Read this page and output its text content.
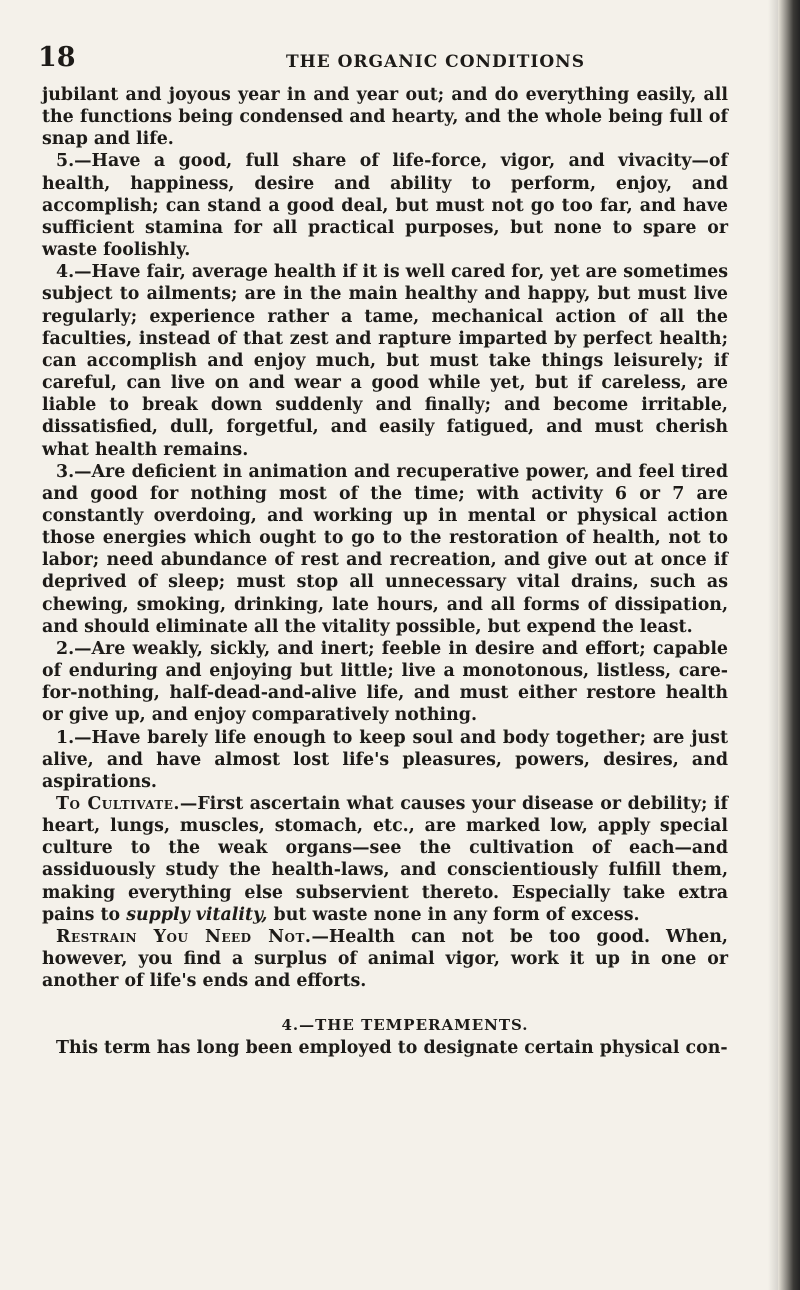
18	THE ORGANIC CONDITIONS

jubilant and joyous year in and year out; and do everything easily, all the functions being condensed and hearty, and the whole being full of snap and life.

5.—Have a good, full share of life-force, vigor, and vivacity—of health, happiness, desire and ability to perform, enjoy, and accomplish; can stand a good deal, but must not go too far, and have sufficient stamina for all practical purposes, but none to spare or waste foolishly.

4.—Have fair, average health if it is well cared for, yet are sometimes subject to ailments; are in the main healthy and happy, but must live regularly; experience rather a tame, mechanical action of all the faculties, instead of that zest and rapture imparted by perfect health; can accomplish and enjoy much, but must take things leisurely; if careful, can live on and wear a good while yet, but if careless, are liable to break down suddenly and finally; and become irritable, dissatisfied, dull, forgetful, and easily fatigued, and must cherish what health remains.

3.—Are deficient in animation and recuperative power, and feel tired and good for nothing most of the time; with activity 6 or 7 are constantly overdoing, and working up in mental or physical action those energies which ought to go to the restoration of health, not to labor; need abundance of rest and recreation, and give out at once if deprived of sleep; must stop all unnecessary vital drains, such as chewing, smoking, drinking, late hours, and all forms of dissipation, and should eliminate all the vitality possible, but expend the least.

2.—Are weakly, sickly, and inert; feeble in desire and effort; capable of enduring and enjoying but little; live a monotonous, listless, care-for-nothing, half-dead-and-alive life, and must either restore health or give up, and enjoy comparatively nothing.

1.—Have barely life enough to keep soul and body together; are just alive, and have almost lost life's pleasures, powers, desires, and aspirations.

To Cultivate.—First ascertain what causes your disease or debility; if heart, lungs, muscles, stomach, etc., are marked low, apply special culture to the weak organs—see the cultivation of each—and assiduously study the health-laws, and conscientiously fulfill them, making everything else subservient thereto. Especially take extra pains to supply vitality, but waste none in any form of excess.

Restrain You Need Not.—Health can not be too good. When, however, you find a surplus of animal vigor, work it up in one or another of life's ends and efforts.

4.—THE TEMPERAMENTS.

This term has long been employed to designate certain physical con-
